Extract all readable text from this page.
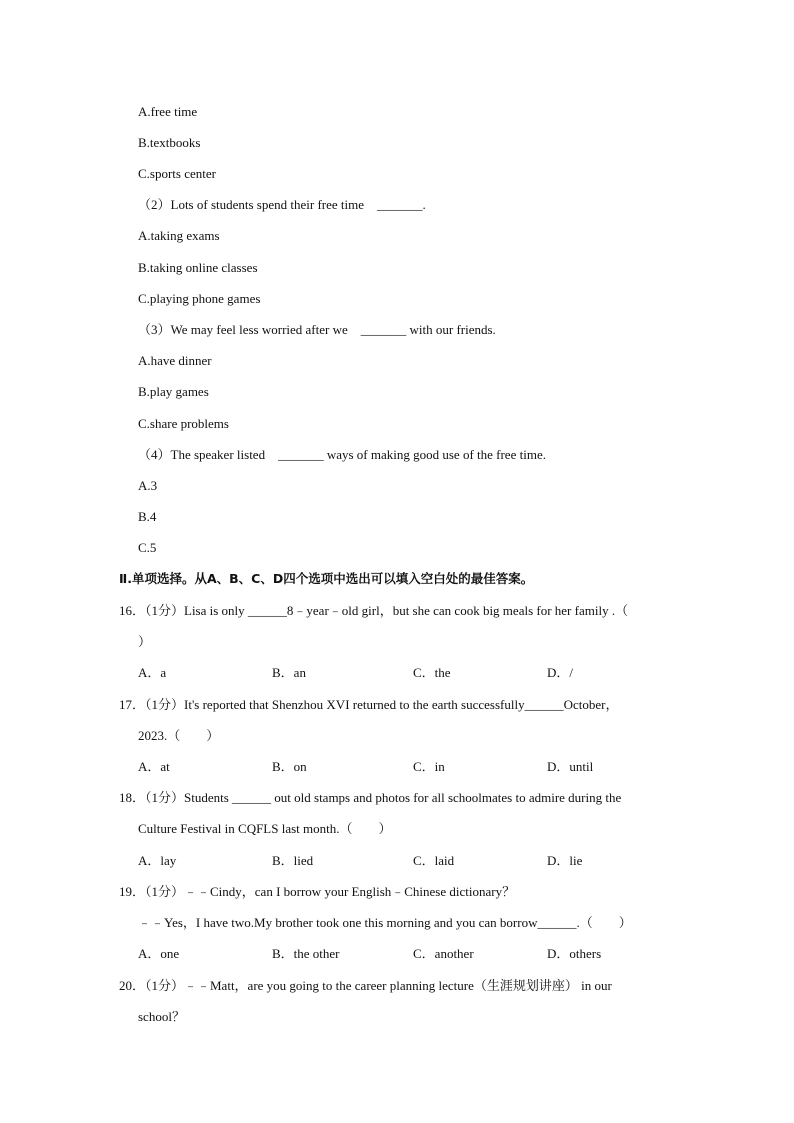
A.free time
B.textbooks
C.sports center
（2）Lots of students spend their free time　_______.
A.taking exams
B.taking online classes
C.playing phone games
（3）We may feel less worried after we　_______ with our friends.
A.have dinner
B.play games
C.share problems
（4）The speaker listed　_______ ways of making good use of the free time.
A.3
B.4
C.5
Ⅱ.单项选择。从A、B、C、D四个选项中选出可以填入空白处的最佳答案。
16．（1分）Lisa is only ______8﹣year﹣old girl，but she can cook big meals for her family .（
）
A．a	B．an	C．the	D．/
17．（1分）It's reported that Shenzhou XVI returned to the earth successfully______October，
2023.（　　）
A．at	B．on	C．in	D．until
18．（1分）Students ______ out old stamps and photos for all schoolmates to admire during the
Culture Festival in CQFLS last month.（　　）
A．lay	B．lied	C．laid	D．lie
19．（1分）﹣﹣Cindy，can I borrow your English﹣Chinese dictionary？
﹣﹣Yes，I have two.My brother took one this morning and you can borrow______.（　　）
A．one	B．the other	C．another	D．others
20．（1分）﹣﹣Matt，are you going to the career planning lecture（生涯规划讲座） in our
school？
